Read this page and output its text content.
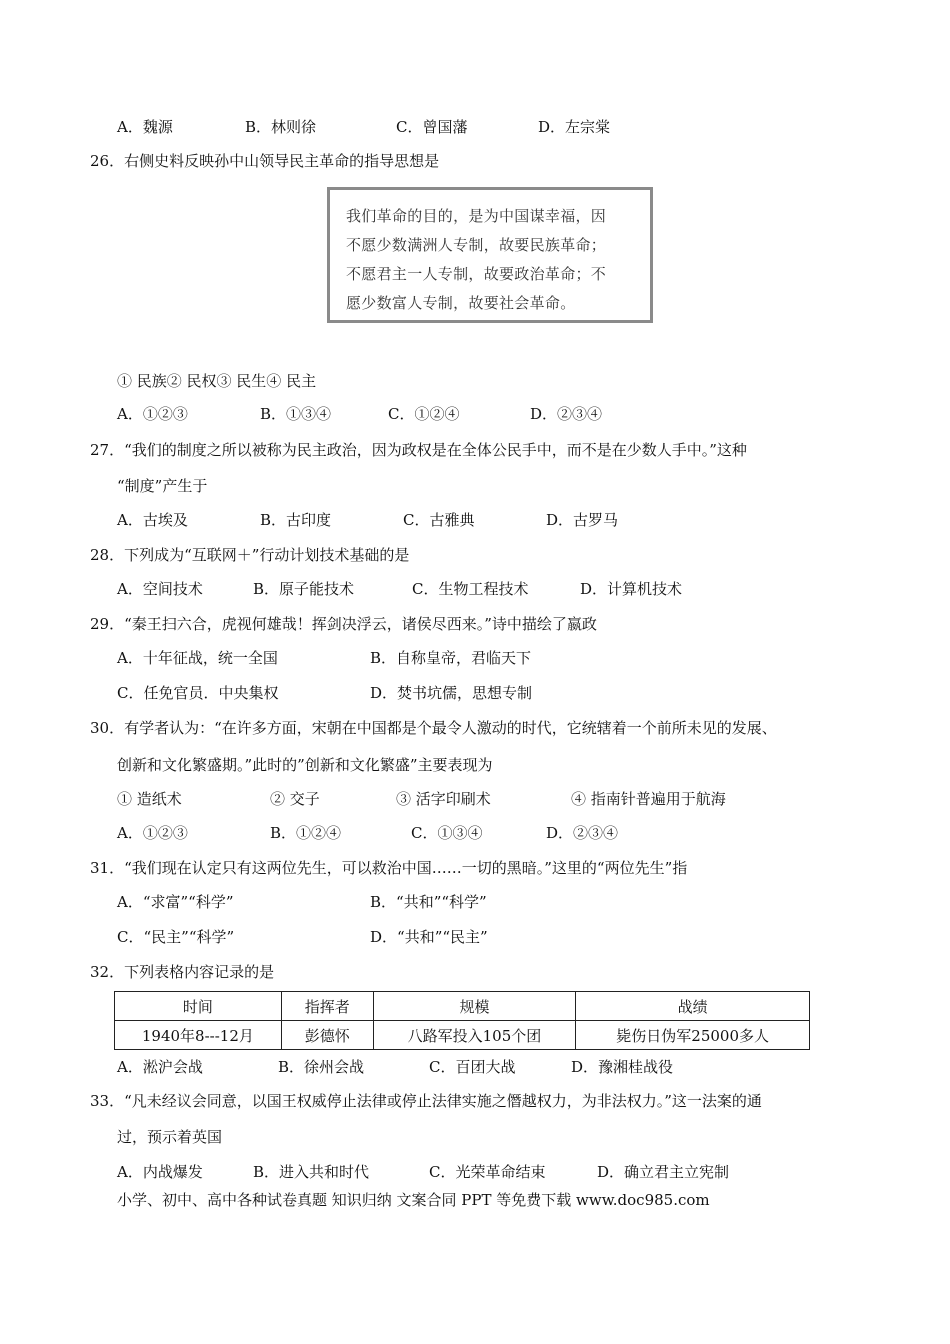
A．魏源	B．林则徐	C．曾国藩	D．左宗棠
26．右侧史料反映孙中山领导民主革命的指导思想是
我们革命的目的，是为中国谋幸福，因
不愿少数满洲人专制，故要民族革命；
不愿君主一人专制，故要政治革命；不
愿少数富人专制，故要社会革命。
① 民族② 民权③ 民生④ 民主
A．①②③	B．①③④	C．①②④	D．②③④
27．“我们的制度之所以被称为民主政治，因为政权是在全体公民手中，而不是在少数人手中。”这种
“制度”产生于
A．古埃及	B．古印度	C．古雅典	D．古罗马
28．下列成为“互联网＋”行动计划技术基础的是
A．空间技术	B．原子能技术	C．生物工程技术	D．计算机技术
29．“秦王扫六合，虎视何雄哉！挥剑决浮云，诸侯尽西来。”诗中描绘了嬴政
A．十年征战，统一全国	B．自称皇帝，君临天下
C．任免官员．中央集权	D．焚书坑儒，思想专制
30．有学者认为：“在许多方面，宋朝在中国都是个最令人激动的时代，它统辖着一个前所未见的发展、
创新和文化繁盛期。”此时的”创新和文化繁盛”主要表现为
① 造纸术	② 交子	③ 活字印刷术	④ 指南针普遍用于航海
A．①②③	B．①②④	C．①③④	D．②③④
31．“我们现在认定只有这两位先生，可以救治中国……一切的黑暗。”这里的“两位先生”指
A．“求富”“科学”	B．“共和”“科学”
C．“民主”“科学”	D．“共和”“民主”
32．下列表格内容记录的是
时间	指挥者	规模	战绩
1940年8---12月	彭德怀	八路军投入105个团	毙伤日伪军25000多人
A．淞沪会战	B．徐州会战	C．百团大战	D．豫湘桂战役
33．“凡未经议会同意，以国王权威停止法律或停止法律实施之僭越权力，为非法权力。”这一法案的通
过，预示着英国
A．内战爆发	B．进入共和时代	C．光荣革命结束	D．确立君主立宪制
小学、初中、高中各种试卷真题 知识归纳 文案合同 PPT 等免费下载 www.doc985.com
